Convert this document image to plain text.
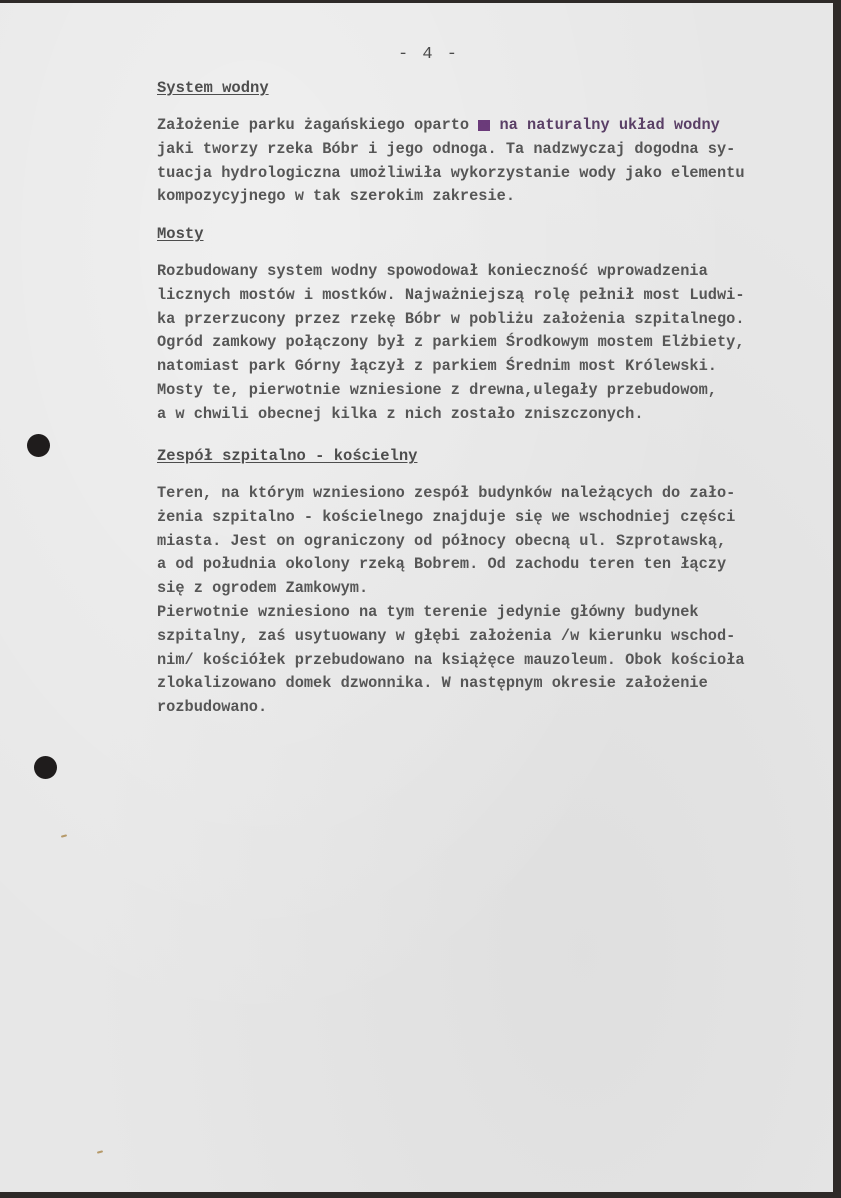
- 4 -
System wodny
Założenie parku żagańskiego oparto na na naturalny układ wodny
jaki tworzy rzeka Bóbr i jego odnoga. Ta nadzwyczaj dogodna sy-
tuacja hydrologiczna umożliwiła wykorzystanie wody jako elementu
kompozycyjnego w tak szerokim zakresie.
Mosty
Rozbudowany system wodny spowodował konieczność wprowadzenia
licznych mostów i mostków. Najważniejszą rolę pełnił most Ludwi-
ka przerzucony przez rzekę Bóbr w pobliżu założenia szpitalnego.
Ogród zamkowy połączony był z parkiem Środkowym mostem Elżbiety,
natomiast park Górny łączył z parkiem Średnim most Królewski.
Mosty te, pierwotnie wzniesione z drewna,ulegały przebudowom,
a w chwili obecnej kilka z nich zostało zniszczonych.
Zespół szpitalno - kościelny
Teren, na którym wzniesiono zespół budynków należących do zało-
żenia szpitalno - kościelnego znajduje się we wschodniej części
miasta. Jest on ograniczony od północy obecną ul. Szprotawską,
a od południa okolony rzeką Bobrem. Od zachodu teren ten łączy
się z ogrodem Zamkowym.
Pierwotnie wzniesiono na tym terenie jedynie główny budynek
szpitalny, zaś usytuowany w głębi założenia /w kierunku wschod-
nim/ kościółek przebudowano na książęce mauzoleum. Obok kościoła
zlokalizowano domek dzwonnika. W następnym okresie założenie
rozbudowano.
